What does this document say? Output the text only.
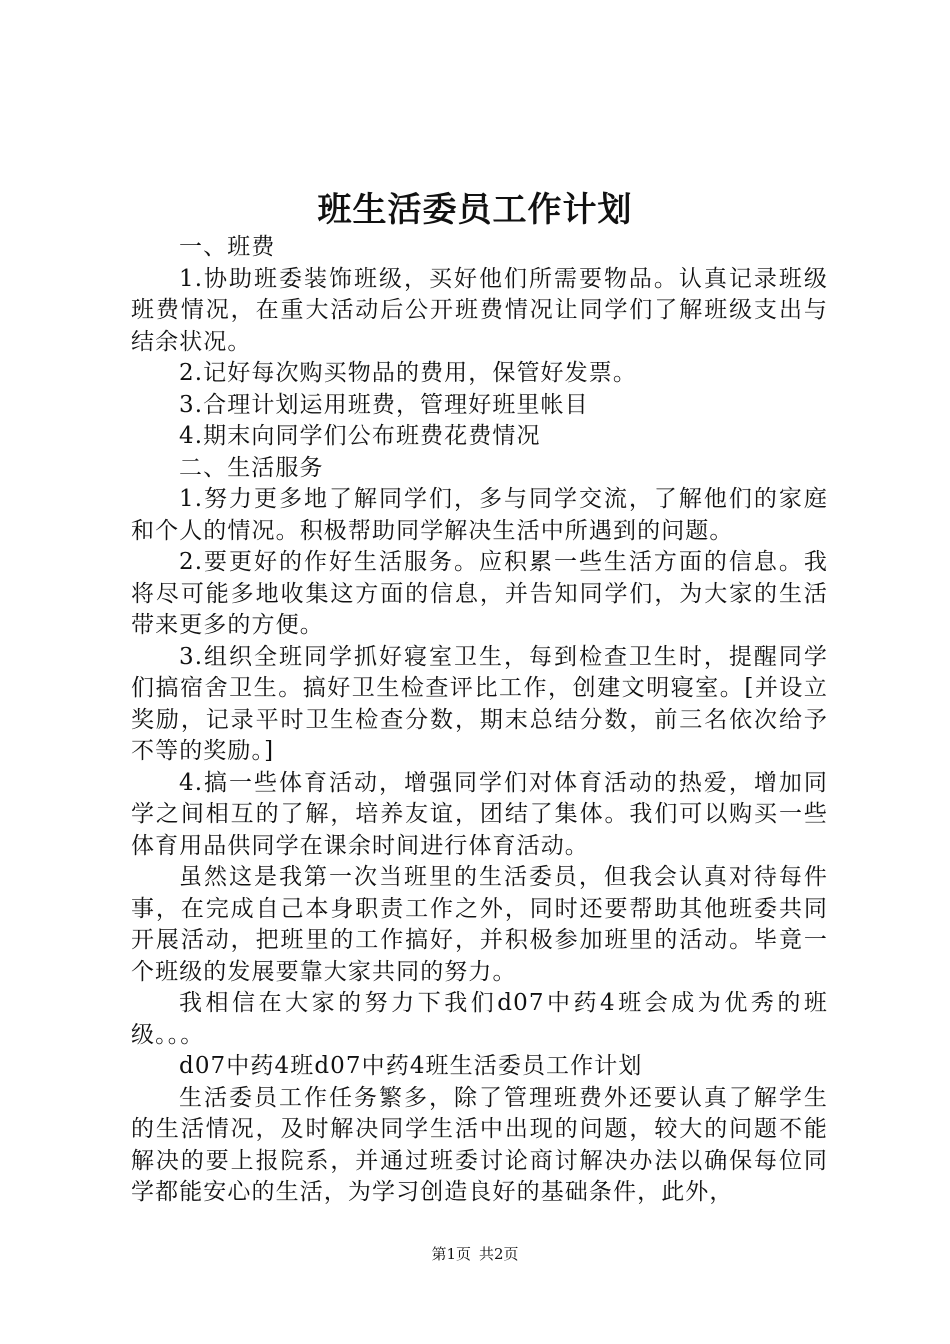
班生活委员工作计划

一、班费

1.协助班委装饰班级，买好他们所需要物品。认真记录班级班费情况，在重大活动后公开班费情况让同学们了解班级支出与结余状况。

2.记好每次购买物品的费用，保管好发票。

3.合理计划运用班费，管理好班里帐目

4.期末向同学们公布班费花费情况

二、生活服务

1.努力更多地了解同学们，多与同学交流，了解他们的家庭和个人的情况。积极帮助同学解决生活中所遇到的问题。

2.要更好的作好生活服务。应积累一些生活方面的信息。我将尽可能多地收集这方面的信息，并告知同学们，为大家的生活带来更多的方便。

3.组织全班同学抓好寝室卫生，每到检查卫生时，提醒同学们搞宿舍卫生。搞好卫生检查评比工作，创建文明寝室。[并设立奖励，记录平时卫生检查分数，期末总结分数，前三名依次给予不等的奖励。]

4.搞一些体育活动，增强同学们对体育活动的热爱，增加同学之间相互的了解，培养友谊，团结了集体。我们可以购买一些体育用品供同学在课余时间进行体育活动。

虽然这是我第一次当班里的生活委员，但我会认真对待每件事，在完成自己本身职责工作之外，同时还要帮助其他班委共同开展活动，把班里的工作搞好，并积极参加班里的活动。毕竟一个班级的发展要靠大家共同的努力。

我相信在大家的努力下我们d07中药4班会成为优秀的班级。。。

d07中药4班d07中药4班生活委员工作计划

生活委员工作任务繁多，除了管理班费外还要认真了解学生的生活情况，及时解决同学生活中出现的问题，较大的问题不能解决的要上报院系，并通过班委讨论商讨解决办法以确保每位同学都能安心的生活，为学习创造良好的基础条件，此外，

第1页 共2页
